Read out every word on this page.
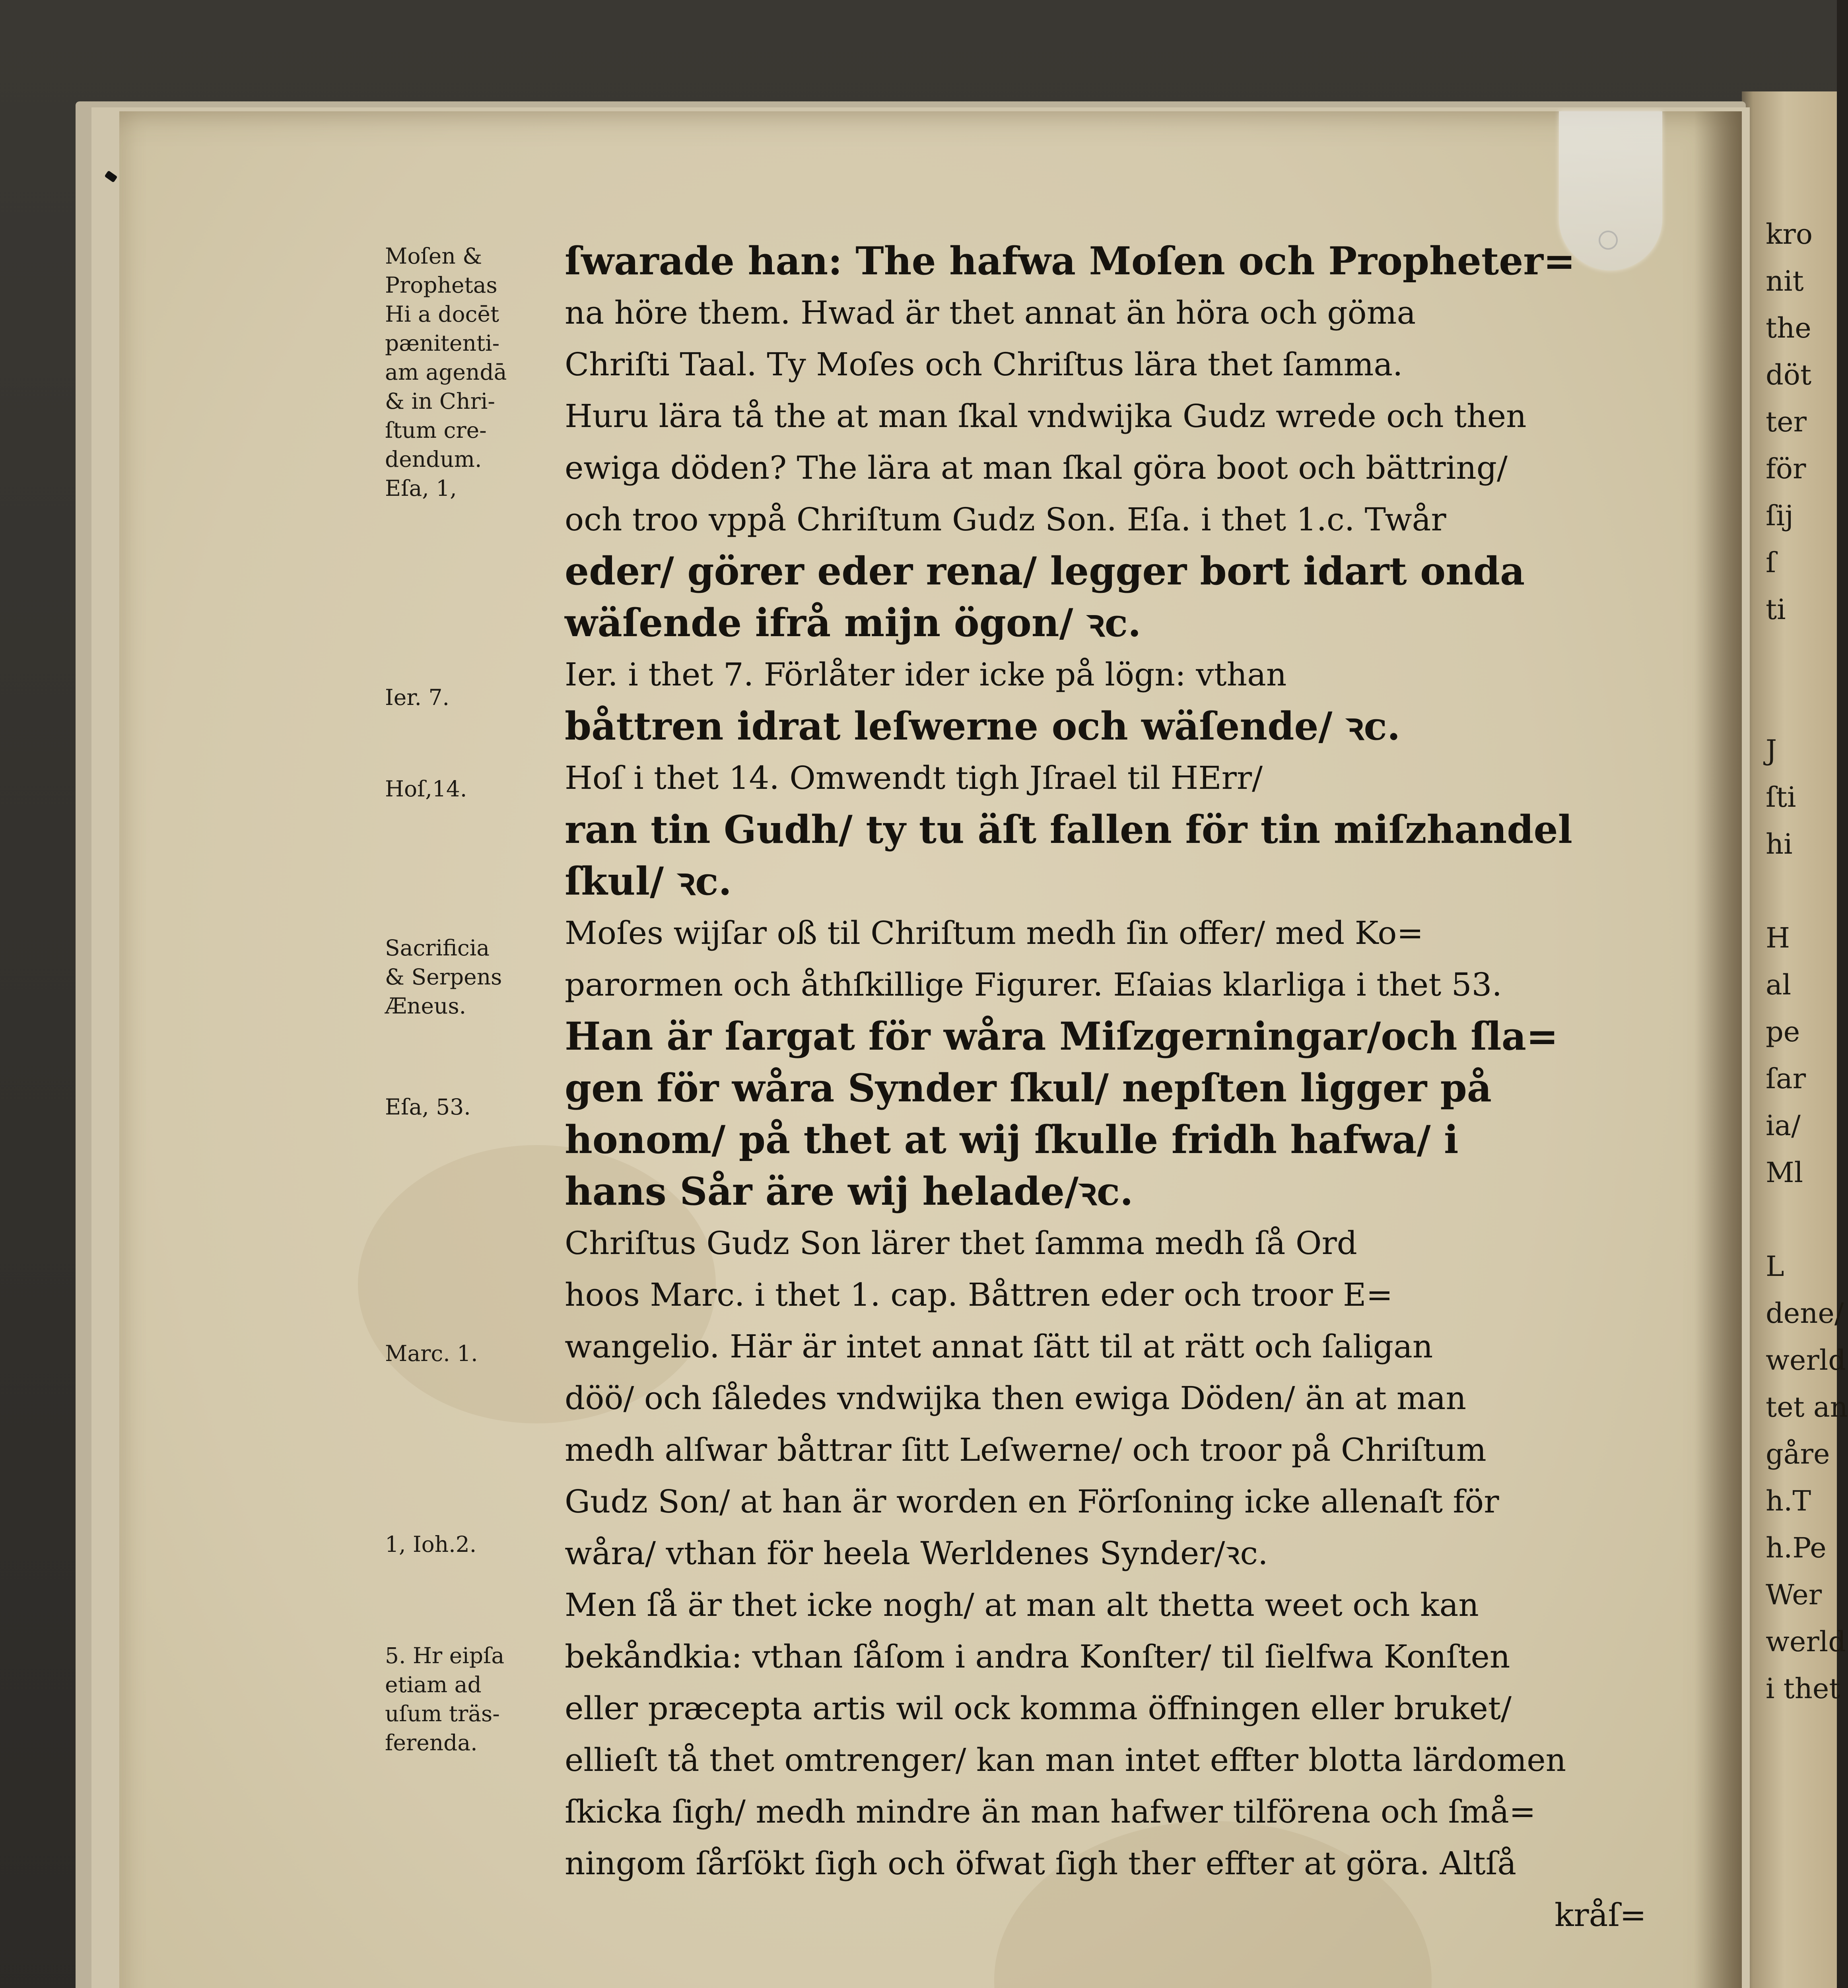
kro
nit
the
döt
ter
för
ſij
ſ
ti

J
ſti
hi

H
al
pe
ſar
ia/
Ml

L
dene/
werld
tet an
gåre
h.T
h.Pe
Wer
werld
i thet
Moſen &
Prophetas
Hi a docēt
pænitenti-
am agendā
& in Chri-
ſtum cre-
dendum.
Eſa, 1,
Ier. 7.
Hoſ,14.
Sacrificia
& Serpens
Æneus.
Eſa, 53.
Marc. 1.
1, Ioh.2.
5. Hr eipſa
etiam ad
uſum träs-
ferenda.
ſwarade han: The hafwa Moſen och Propheter=
na höre them. Hwad är thet annat än höra och göma
Chriſti Taal. Ty Moſes och Chriſtus lära thet ſamma.
Huru lära tå the at man ſkal vndwijka Gudz wrede och then
ewiga döden? The lära at man ſkal göra boot och bättring/
och troo vppå Chriſtum Gudz Son. Eſa. i thet 1.c. Twår
eder/ görer eder rena/ legger bort idart onda
wäſende ifrå mijn ögon/ ꝛc.
Ier. i thet 7. Förlåter ider icke på lögn: vthan
båttren idrat leſwerne och wäſende/ ꝛc.
Hoſ i thet 14. Omwendt tigh Jſrael til HErr/
ran tin Gudh/ ty tu äſt fallen för tin miſzhandel
ſkul/ ꝛc.
Moſes wijſar oß til Chriſtum medh ſin offer/ med Ko=
parormen och åthſkillige Figurer. Eſaias klarliga i thet 53.
Han är ſargat för wåra Miſzgerningar/och ſla=
gen för wåra Synder ſkul/ nepſten ligger på
honom/ på thet at wij ſkulle fridh hafwa/ i
hans Sår äre wij helade/ꝛc.
Chriſtus Gudz Son lärer thet ſamma medh ſå Ord
hoos Marc. i thet 1. cap. Båttren eder och troor E=
wangelio. Här är intet annat ſätt til at rätt och ſaligan
döö/ och ſåledes vndwijka then ewiga Döden/ än at man
medh alſwar båttrar ſitt Leſwerne/ och troor på Chriſtum
Gudz Son/ at han är worden en Förſoning icke allenaſt för
wåra/ vthan för heela Werldenes Synder/ꝛc.
Men ſå är thet icke nogh/ at man alt thetta weet och kan
bekåndkia: vthan ſåſom i andra Konſter/ til ſielfwa Konſten
eller præcepta artis wil ock komma öffningen eller bruket/
ellieſt tå thet omtrenger/ kan man intet effter blotta lärdomen
ſkicka ſigh/ medh mindre än man hafwer tilförena och ſmå=
ningom ſårſökt ſigh och öfwat ſigh ther effter at göra. Altſå
kråſ=
